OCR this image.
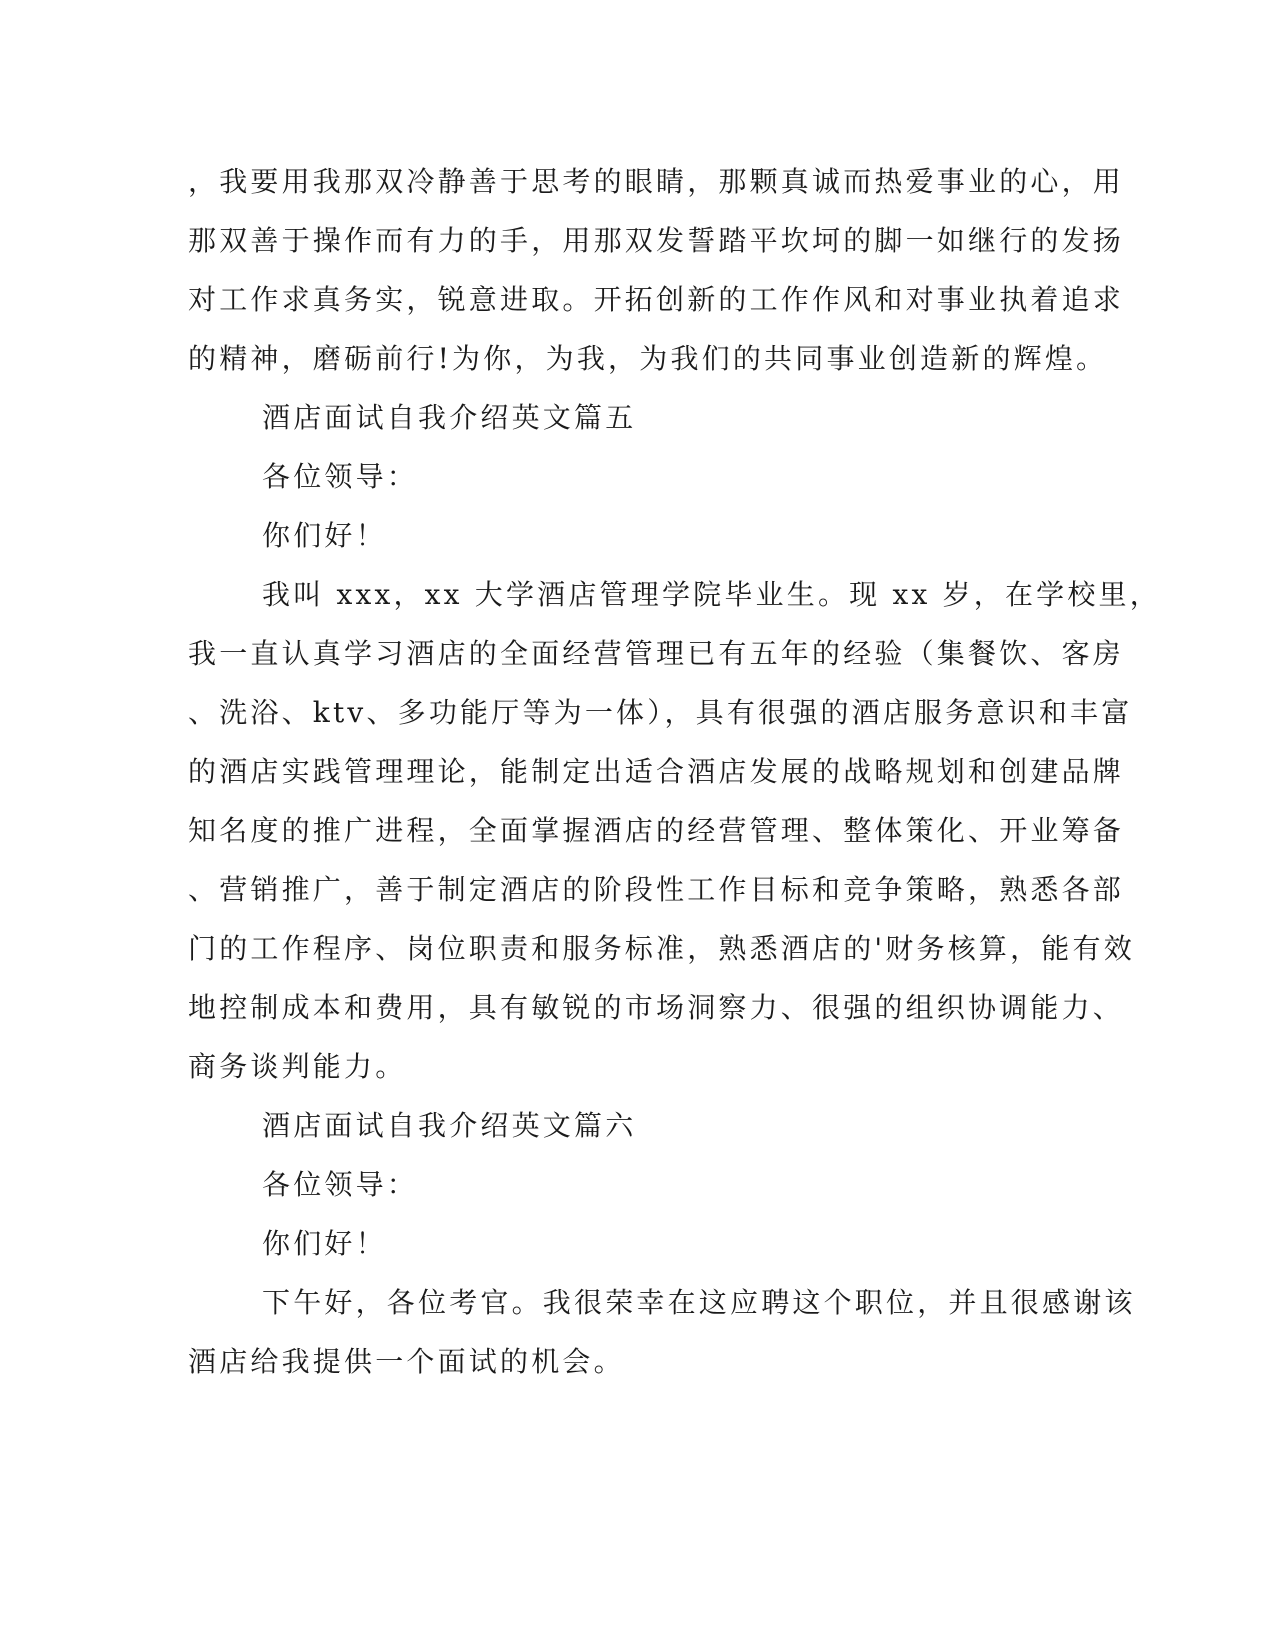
，我要用我那双冷静善于思考的眼睛，那颗真诚而热爱事业的心，用
那双善于操作而有力的手，用那双发誓踏平坎坷的脚一如继行的发扬
对工作求真务实，锐意进取。开拓创新的工作作风和对事业执着追求
的精神，磨砺前行!为你，为我，为我们的共同事业创造新的辉煌。
酒店面试自我介绍英文篇五
各位领导：
你们好！
我叫 xxx，xx 大学酒店管理学院毕业生。现 xx 岁，在学校里，
我一直认真学习酒店的全面经营管理已有五年的经验（集餐饮、客房
、洗浴、ktv、多功能厅等为一体），具有很强的酒店服务意识和丰富
的酒店实践管理理论，能制定出适合酒店发展的战略规划和创建品牌
知名度的推广进程，全面掌握酒店的经营管理、整体策化、开业筹备
、营销推广，善于制定酒店的阶段性工作目标和竞争策略，熟悉各部
门的工作程序、岗位职责和服务标准，熟悉酒店的'财务核算，能有效
地控制成本和费用，具有敏锐的市场洞察力、很强的组织协调能力、
商务谈判能力。
酒店面试自我介绍英文篇六
各位领导：
你们好！
下午好，各位考官。我很荣幸在这应聘这个职位，并且很感谢该
酒店给我提供一个面试的机会。
